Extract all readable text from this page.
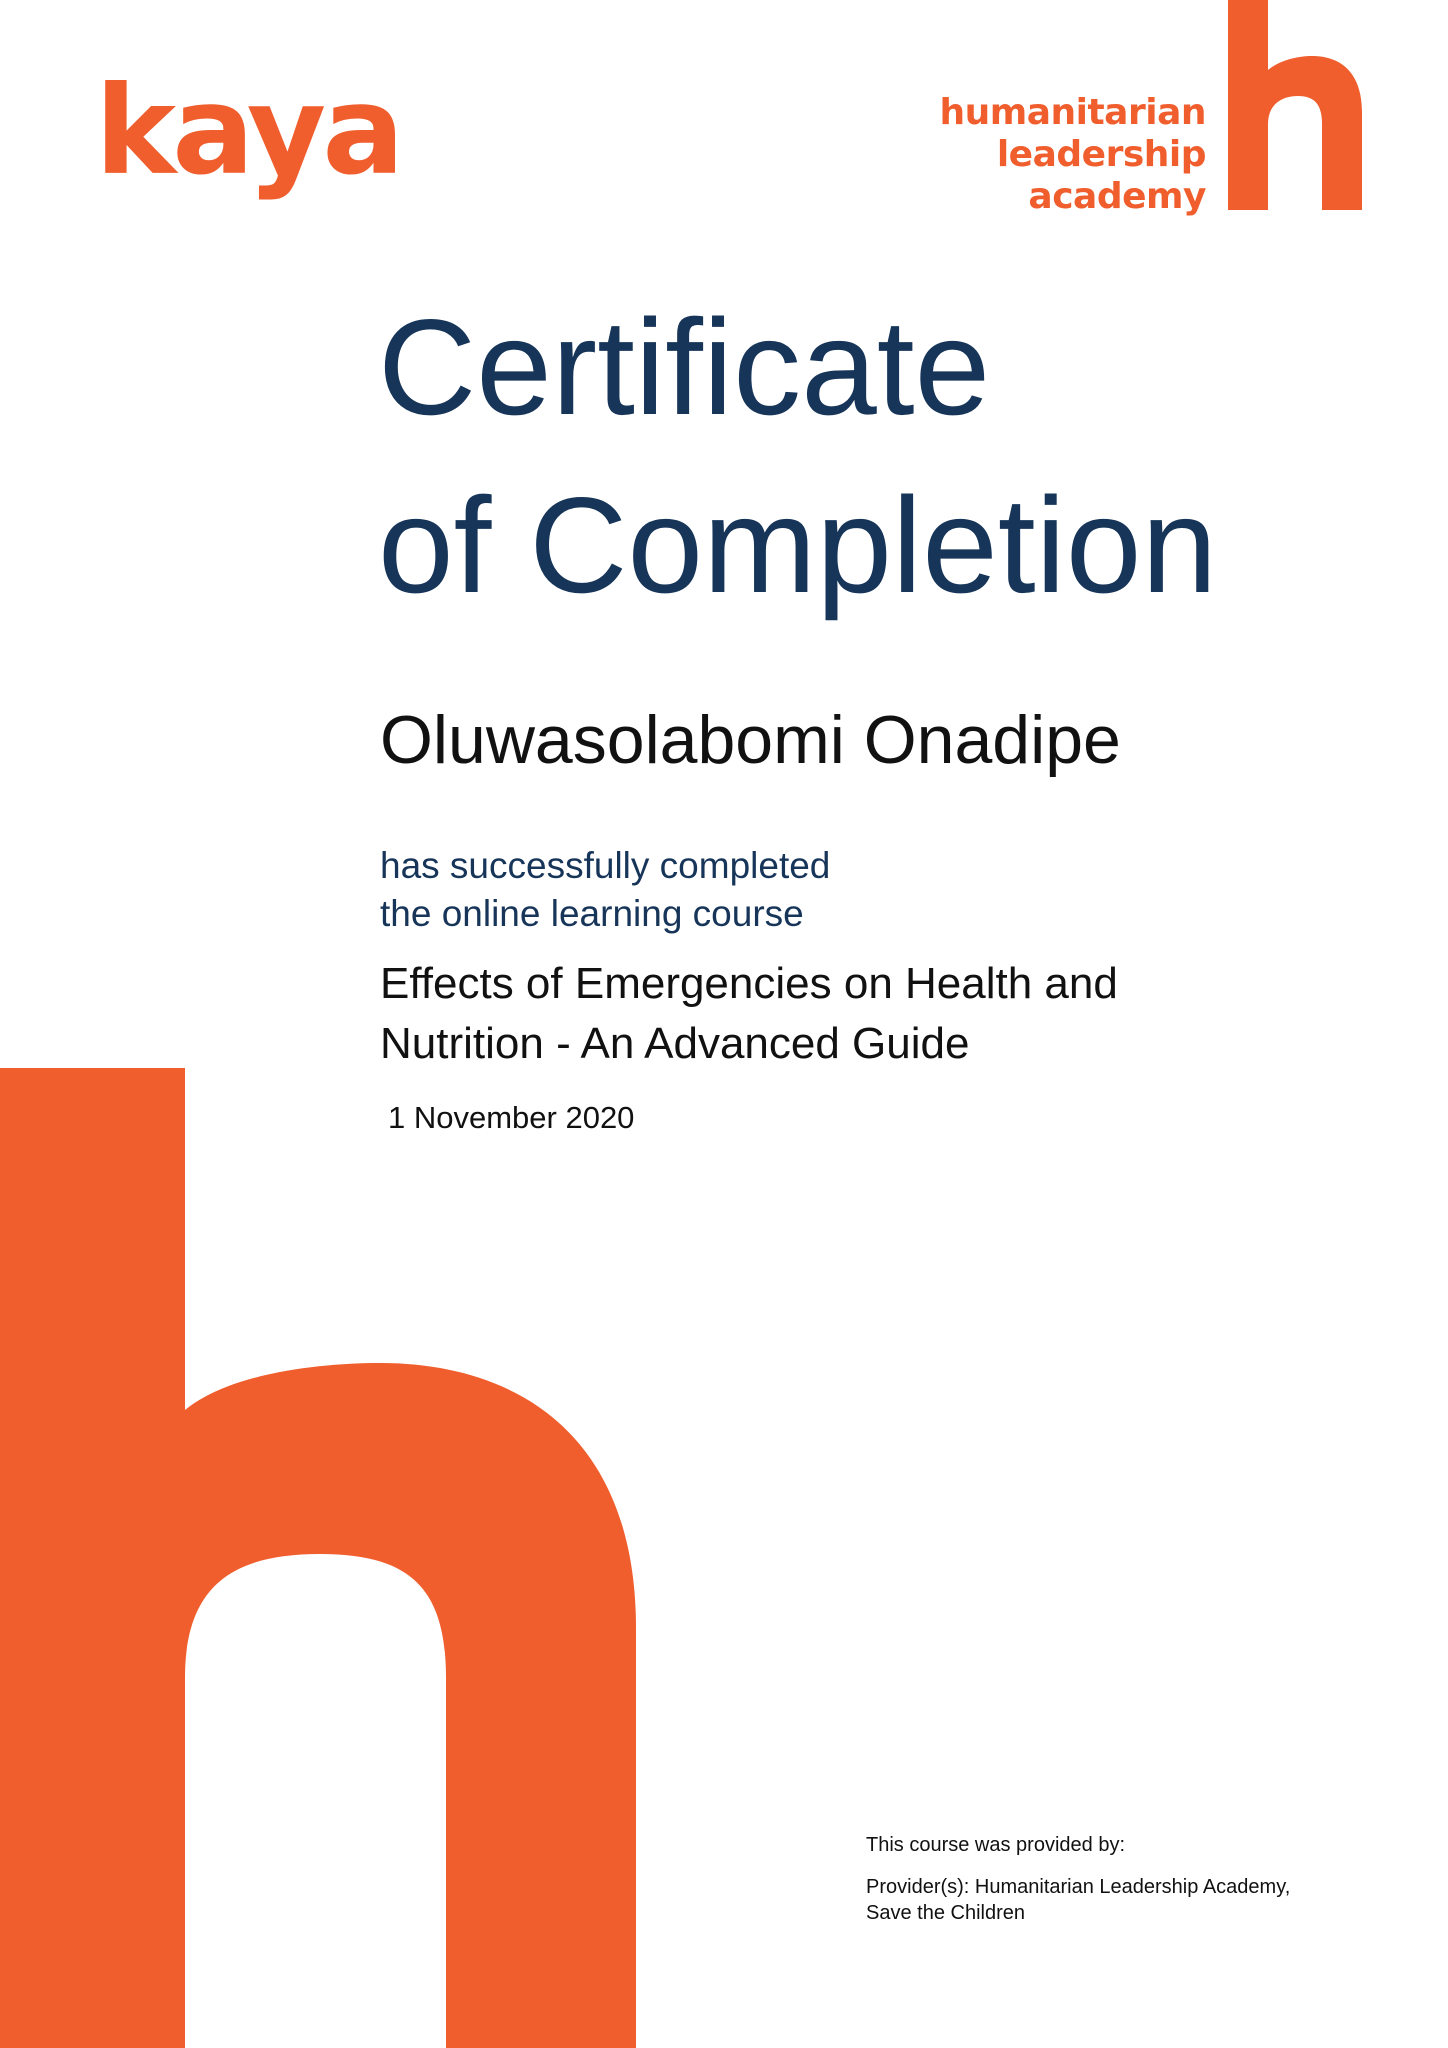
kaya	humanitarian
leadership
academy
Certificate
of Completion
Oluwasolabomi Onadipe
has successfully completed
the online learning course
Effects of Emergencies on Health and
Nutrition - An Advanced Guide
1 November 2020
This course was provided by:
Provider(s): Humanitarian Leadership Academy,
Save the Children
